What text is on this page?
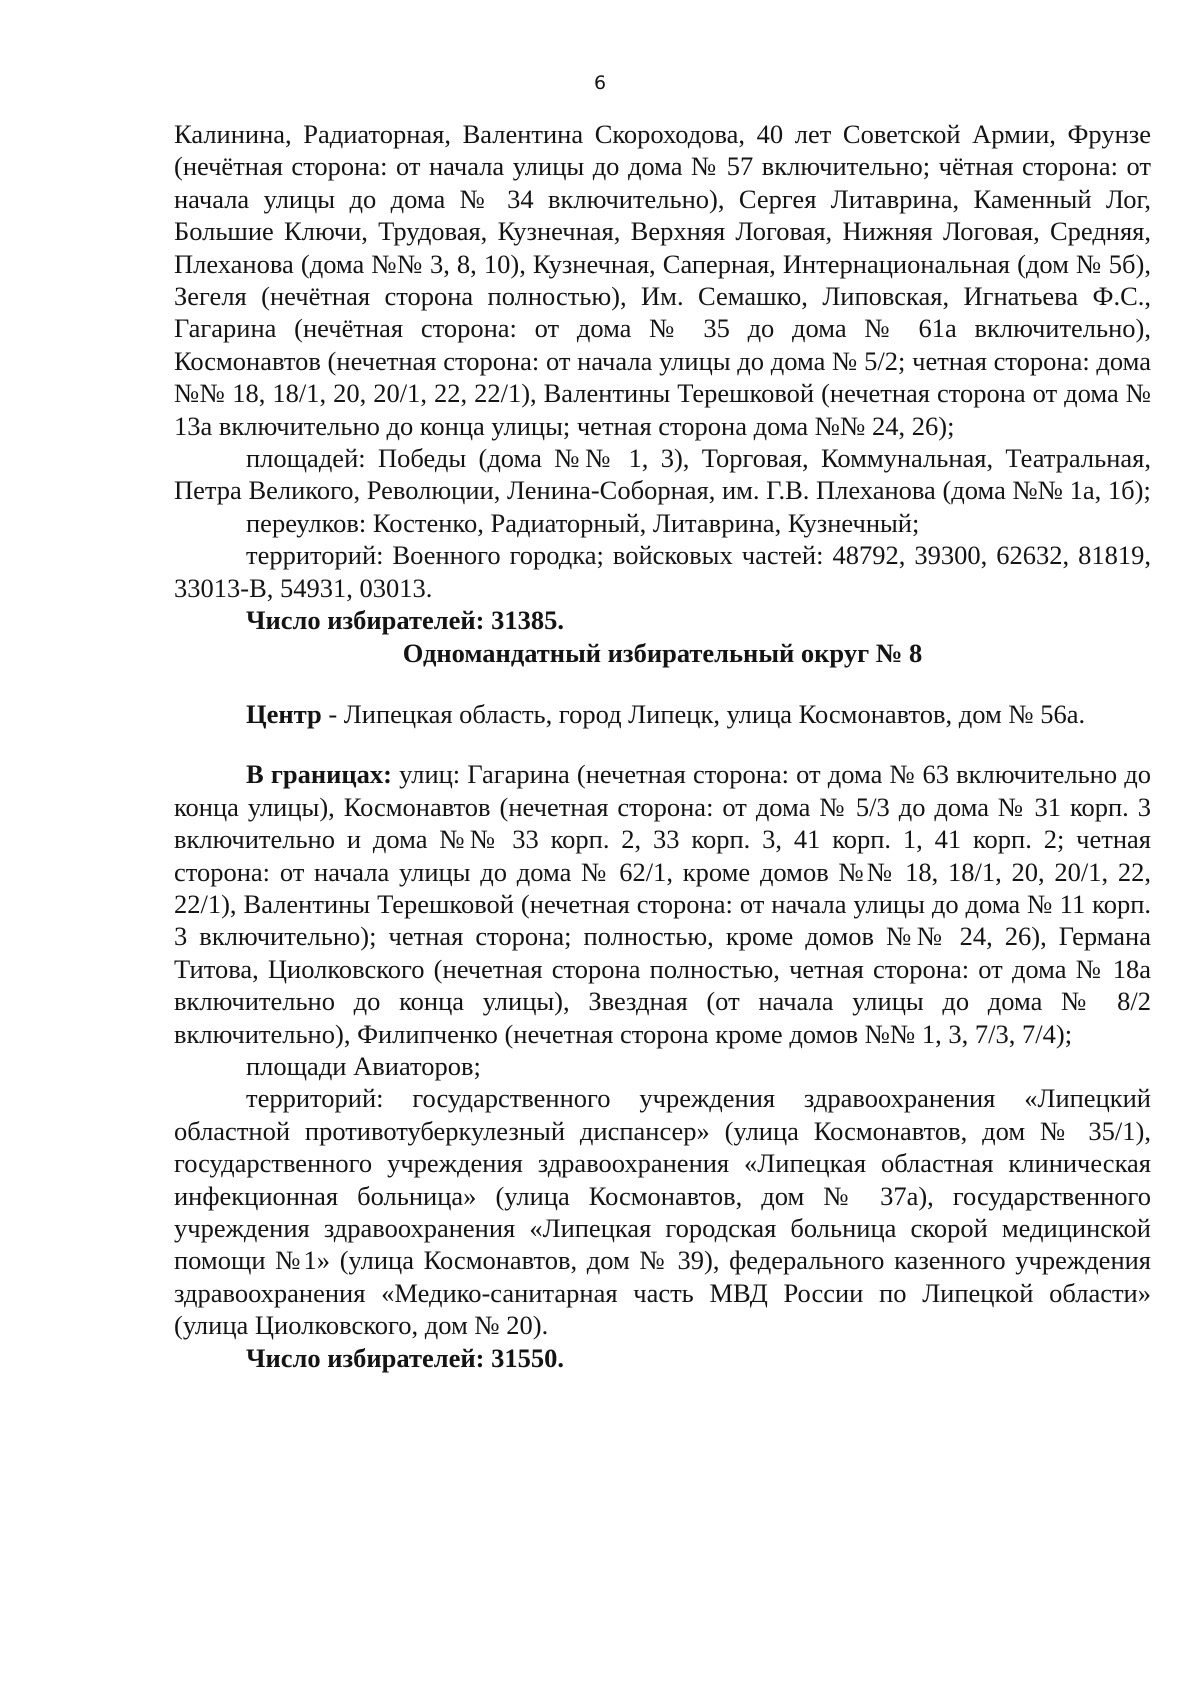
6

Калинина, Радиаторная, Валентина Скороходова, 40 лет Советской Армии, Фрунзе (нечётная сторона: от начала улицы до дома № 57 включительно; чётная сторона: от начала улицы до дома № 34 включительно), Сергея Литаврина, Каменный Лог, Большие Ключи, Трудовая, Кузнечная, Верхняя Логовая, Нижняя Логовая, Средняя, Плеханова (дома №№ 3, 8, 10), Кузнечная, Саперная, Интернациональная (дом № 5б), Зегеля (нечётная сторона полностью), Им. Семашко, Липовская, Игнатьева Ф.С., Гагарина (нечётная сторона: от дома № 35 до дома № 61а включительно), Космонавтов (нечетная сторона: от начала улицы до дома № 5/2; четная сторона: дома №№ 18, 18/1, 20, 20/1, 22, 22/1), Валентины Терешковой (нечетная сторона от дома № 13а включительно до конца улицы; четная сторона дома №№ 24, 26);

площадей: Победы (дома №№ 1, 3), Торговая, Коммунальная, Театральная, Петра Великого, Революции, Ленина-Соборная, им. Г.В. Плеханова (дома №№ 1а, 1б);

переулков: Костенко, Радиаторный, Литаврина, Кузнечный;

территорий: Военного городка; войсковых частей: 48792, 39300, 62632, 81819, 33013-В, 54931, 03013.

Число избирателей: 31385.

Одномандатный избирательный округ № 8

Центр - Липецкая область, город Липецк, улица Космонавтов, дом № 56а.

В границах: улиц: Гагарина (нечетная сторона: от дома № 63 включительно до конца улицы), Космонавтов (нечетная сторона: от дома № 5/3 до дома № 31 корп. 3 включительно и дома №№ 33 корп. 2, 33 корп. 3, 41 корп. 1, 41 корп. 2; четная сторона: от начала улицы до дома № 62/1, кроме домов №№ 18, 18/1, 20, 20/1, 22, 22/1), Валентины Терешковой (нечетная сторона: от начала улицы до дома № 11 корп. 3 включительно); четная сторона; полностью, кроме домов №№ 24, 26), Германа Титова, Циолковского (нечетная сторона полностью, четная сторона: от дома № 18а включительно до конца улицы), Звездная (от начала улицы до дома № 8/2 включительно), Филипченко (нечетная сторона кроме домов №№ 1, 3, 7/3, 7/4);

площади Авиаторов;

территорий: государственного учреждения здравоохранения «Липецкий областной противотуберкулезный диспансер» (улица Космонавтов, дом № 35/1), государственного учреждения здравоохранения «Липецкая областная клиническая инфекционная больница» (улица Космонавтов, дом № 37а), государственного учреждения здравоохранения «Липецкая городская больница скорой медицинской помощи №1» (улица Космонавтов, дом № 39), федерального казенного учреждения здравоохранения «Медико-санитарная часть МВД России по Липецкой области» (улица Циолковского, дом № 20).

Число избирателей: 31550.
